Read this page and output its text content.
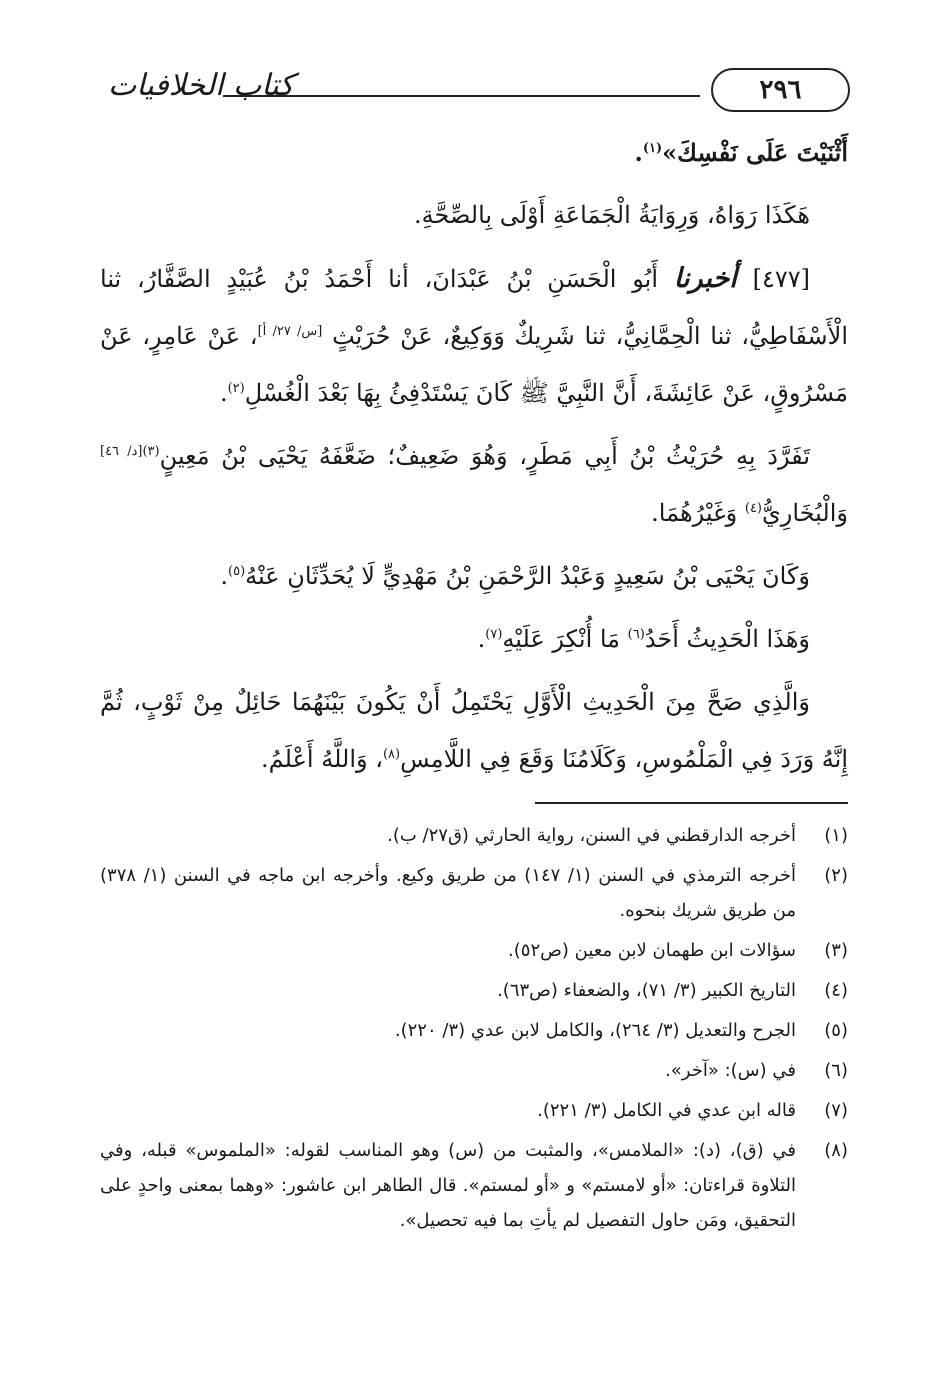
كتاب الخلافيات	٢٩٦

أَثْنَيْتَ عَلَى نَفْسِكَ»$^{(١)}$.

هَكَذَا رَوَاهُ، وَرِوَايَةُ الْجَمَاعَةِ أَوْلَى بِالصِّحَّةِ.

[٤٧٧] أخبرنا أَبُو الْحَسَنِ بْنُ عَبْدَانَ، أنا أَحْمَدُ بْنُ عُبَيْدٍ الصَّفَّارُ، ثنا الْأَسْفَاطِيُّ، ثنا الْحِمَّانِيُّ، ثنا شَرِيكٌ وَوَكِيعٌ، عَنْ حُرَيْثٍ [س/ ٢٧/ أ]، عَنْ عَامِرٍ، عَنْ مَسْرُوقٍ، عَنْ عَائِشَةَ، أَنَّ النَّبِيَّ ﷺ كَانَ يَسْتَدْفِئُ بِهَا بَعْدَ الْغُسْلِ$^{(٢)}$.

تَفَرَّدَ بِهِ حُرَيْثُ بْنُ أَبِي مَطَرٍ، وَهُوَ ضَعِيفٌ؛ ضَعَّفَهُ يَحْيَى بْنُ مَعِينٍ$^{(٣)[د/ ٤٦]}$ وَالْبُخَارِيُّ$^{(٤)}$ وَغَيْرُهُمَا.

وَكَانَ يَحْيَى بْنُ سَعِيدٍ وَعَبْدُ الرَّحْمَنِ بْنُ مَهْدِيٍّ لَا يُحَدِّثَانِ عَنْهُ$^{(٥)}$.

وَهَذَا الْحَدِيثُ أَحَدُ$^{(٦)}$ مَا أُنْكِرَ عَلَيْهِ$^{(٧)}$.

وَالَّذِي صَحَّ مِنَ الْحَدِيثِ الْأَوَّلِ يَحْتَمِلُ أَنْ يَكُونَ بَيْنَهُمَا حَائِلٌ مِنْ ثَوْبٍ، ثُمَّ إِنَّهُ وَرَدَ فِي الْمَلْمُوسِ، وَكَلَامُنَا وَقَعَ فِي اللَّامِسِ$^{(٨)}$، وَاللَّهُ أَعْلَمُ.

(١)
أخرجه الدارقطني في السنن، رواية الحارثي (ق٢٧/ ب).
(٢)
أخرجه الترمذي في السنن (١/ ١٤٧) من طريق وكيع. وأخرجه ابن ماجه في السنن (١/ ٣٧٨) من طريق شريك بنحوه.
(٣)
سؤالات ابن طهمان لابن معين (ص٥٢).
(٤)
التاريخ الكبير (٣/ ٧١)، والضعفاء (ص٦٣).
(٥)
الجرح والتعديل (٣/ ٢٦٤)، والكامل لابن عدي (٣/ ٢٢٠).
(٦)
في (س): «آخر».
(٧)
قاله ابن عدي في الكامل (٣/ ٢٢١).
(٨)
في (ق)، (د): «الملامس»، والمثبت من (س) وهو المناسب لقوله: «الملموس» قبله، وفي التلاوة قراءتان: «أو لامستم» و «أو لمستم». قال الطاهر ابن عاشور: «وهما بمعنى واحدٍ على التحقيق، ومَن حاول التفصيل لم يأتِ بما فيه تحصيل».
